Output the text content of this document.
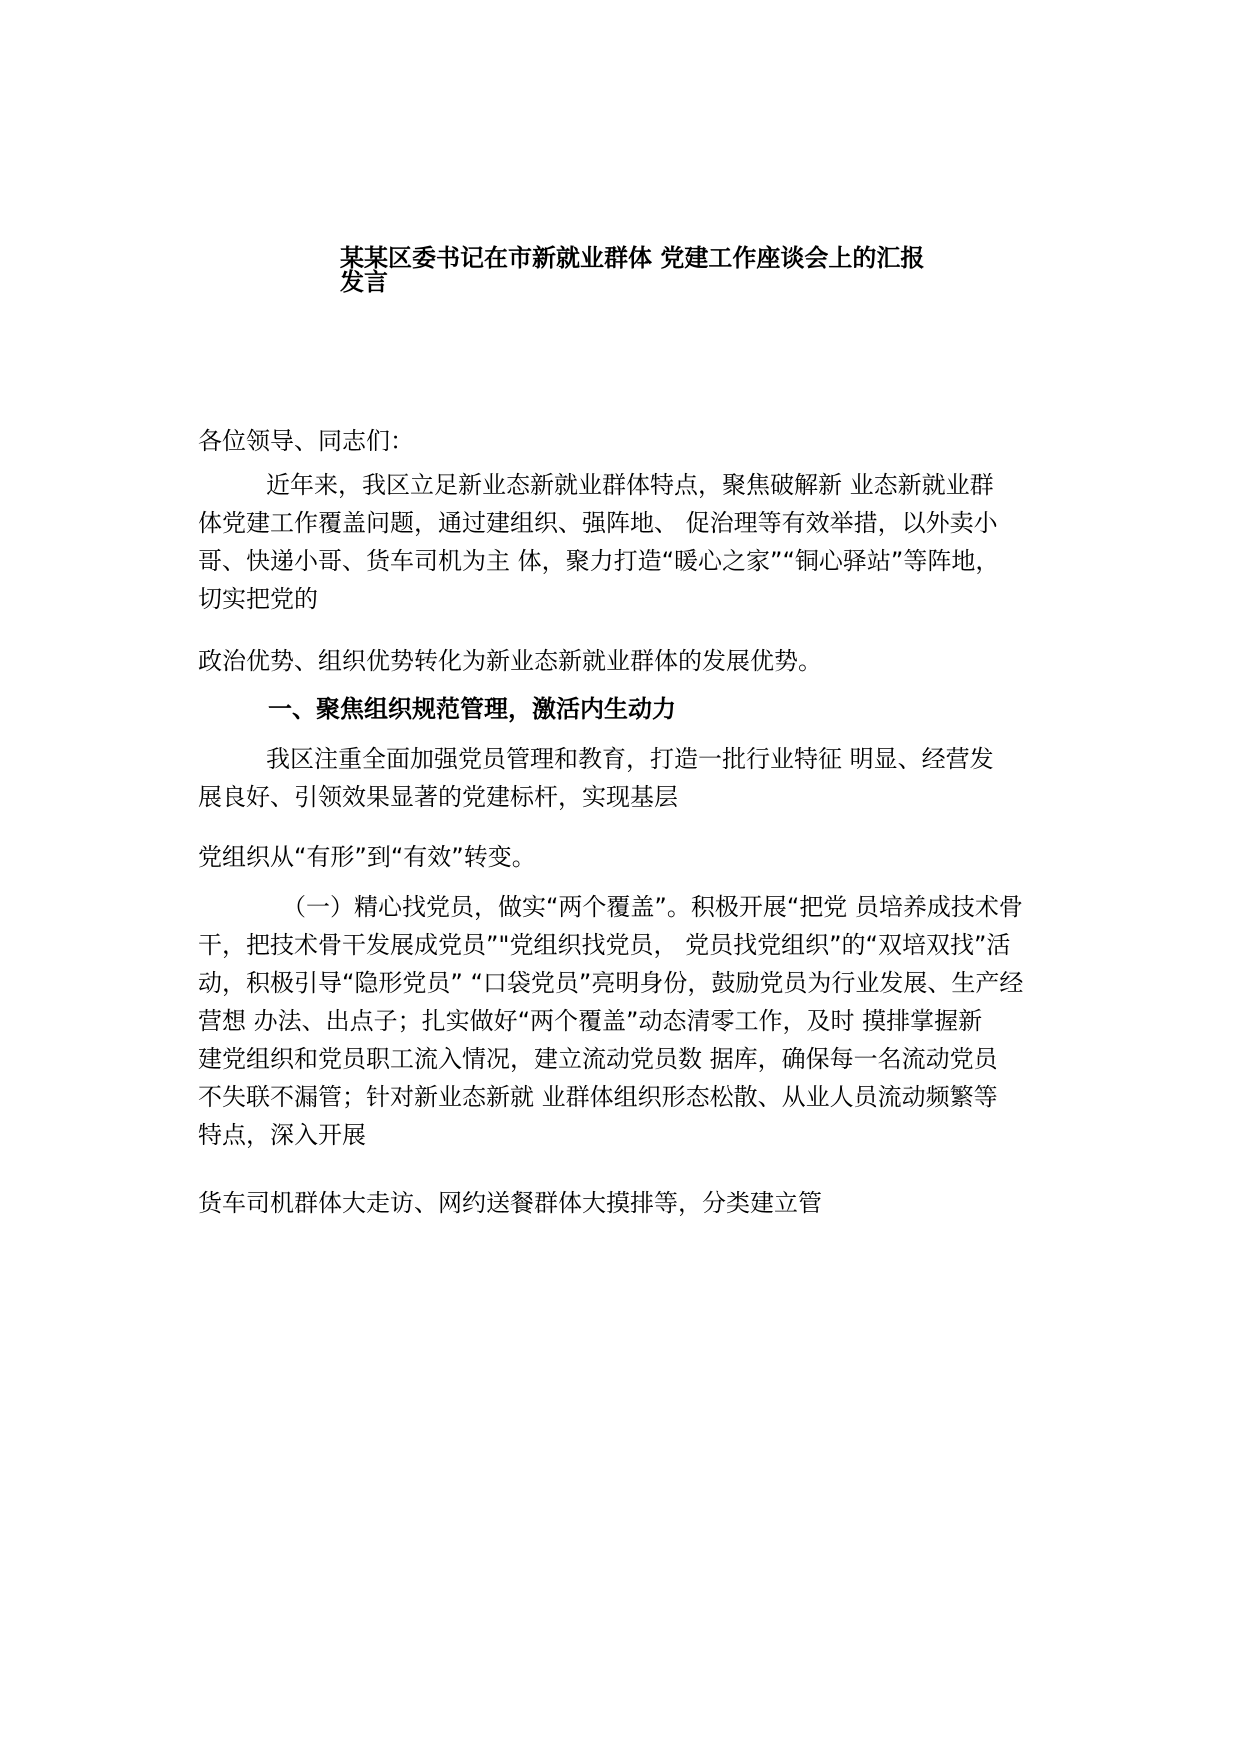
某某区委书记在市新就业群体 党建工作座谈会上的汇报
发言
各位领导、同志们：
近年来，我区立足新业态新就业群体特点，聚焦破解新 业态新就业群
体党建工作覆盖问题，通过建组织、强阵地、 促治理等有效举措，以外卖小
哥、快递小哥、货车司机为主 体，聚力打造“暖心之家”“铜心驿站”等阵地，
切实把党的
政治优势、组织优势转化为新业态新就业群体的发展优势。
一、聚焦组织规范管理，激活内生动力
我区注重全面加强党员管理和教育，打造一批行业特征 明显、经营发
展良好、引领效果显著的党建标杆，实现基层
党组织从“有形”到“有效”转变。
（一）精心找党员，做实“两个覆盖”。积极开展“把党 员培养成技术骨
干，把技术骨干发展成党员”"党组织找党员， 党员找党组织”的“双培双找”活
动，积极引导“隐形党员” “口袋党员”亮明身份，鼓励党员为行业发展、生产经
营想 办法、出点子；扎实做好“两个覆盖”动态清零工作，及时 摸排掌握新
建党组织和党员职工流入情况，建立流动党员数 据库，确保每一名流动党员
不失联不漏管；针对新业态新就 业群体组织形态松散、从业人员流动频繁等
特点，深入开展
货车司机群体大走访、网约送餐群体大摸排等，分类建立管
